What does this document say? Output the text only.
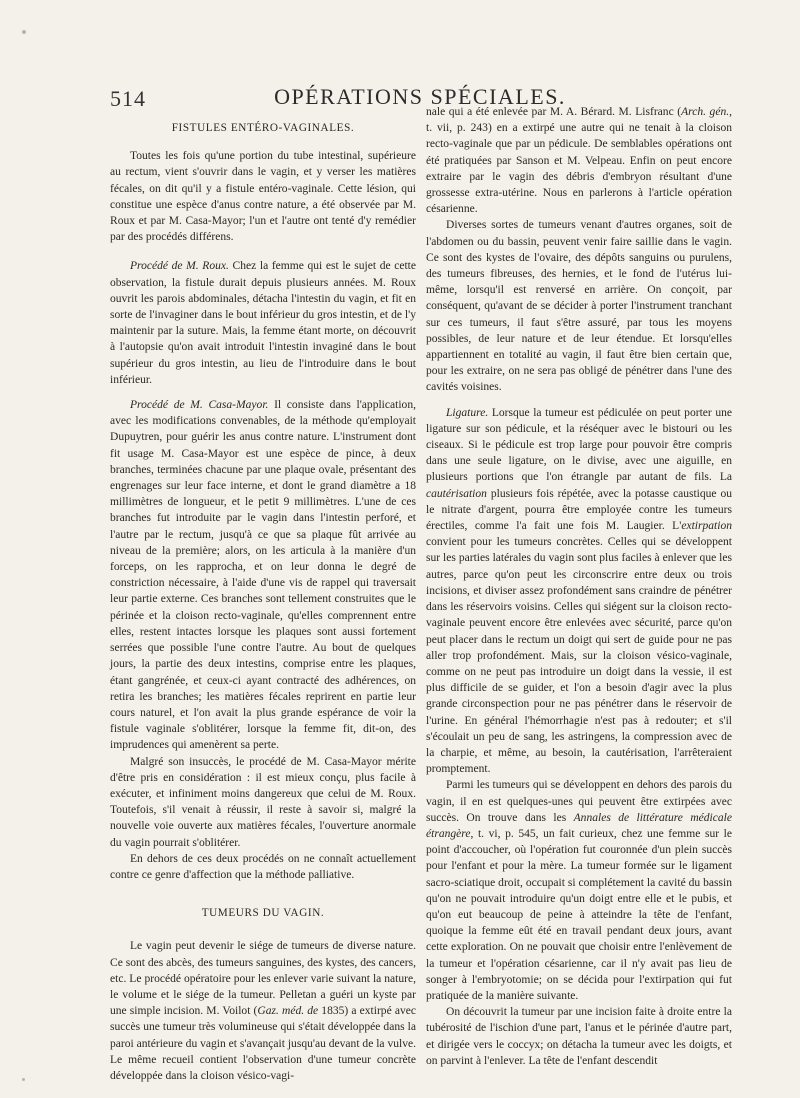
514	OPÉRATIONS SPÉCIALES.
FISTULES ENTÉRO-VAGINALES.

Toutes les fois qu'une portion du tube intestinal, supérieure au rectum, vient s'ouvrir dans le vagin, et y verser les matières fécales, on dit qu'il y a fistule entéro-vaginale. Cette lésion, qui constitue une espèce d'anus contre nature, a été observée par M. Roux et par M. Casa-Mayor; l'un et l'autre ont tenté d'y remédier par des procédés différens.

Procédé de M. Roux. Chez la femme qui est le sujet de cette observation, la fistule durait depuis plusieurs années. M. Roux ouvrit les parois abdominales, détacha l'intestin du vagin, et fit en sorte de l'invaginer dans le bout inférieur du gros intestin, et de l'y maintenir par la suture. Mais, la femme étant morte, on découvrit à l'autopsie qu'on avait introduit l'intestin invaginé dans le bout supérieur du gros intestin, au lieu de l'introduire dans le bout inférieur.

Procédé de M. Casa-Mayor. Il consiste dans l'application, avec les modifications convenables, de la méthode qu'employait Dupuytren, pour guérir les anus contre nature. L'instrument dont fit usage M. Casa-Mayor est une espèce de pince, à deux branches, terminées chacune par une plaque ovale, présentant des engrenages sur leur face interne, et dont le grand diamètre a 18 millimètres de longueur, et le petit 9 millimètres. L'une de ces branches fut introduite par le vagin dans l'intestin perforé, et l'autre par le rectum, jusqu'à ce que sa plaque fût arrivée au niveau de la première; alors, on les articula à la manière d'un forceps, on les rapprocha, et on leur donna le degré de constriction nécessaire, à l'aide d'une vis de rappel qui traversait leur partie externe. Ces branches sont tellement construites que le périnée et la cloison recto-vaginale, qu'elles comprennent entre elles, restent intactes lorsque les plaques sont aussi fortement serrées que possible l'une contre l'autre. Au bout de quelques jours, la partie des deux intestins, comprise entre les plaques, étant gangrénée, et ceux-ci ayant contracté des adhérences, on retira les branches; les matières fécales reprirent en partie leur cours naturel, et l'on avait la plus grande espérance de voir la fistule vaginale s'oblitérer, lorsque la femme fit, dit-on, des imprudences qui amenèrent sa perte.

Malgré son insuccès, le procédé de M. Casa-Mayor mérite d'être pris en considération : il est mieux conçu, plus facile à exécuter, et infiniment moins dangereux que celui de M. Roux. Toutefois, s'il venait à réussir, il reste à savoir si, malgré la nouvelle voie ouverte aux matières fécales, l'ouverture anormale du vagin pourrait s'oblitérer.

En dehors de ces deux procédés on ne connaît actuellement contre ce genre d'affection que la méthode palliative.

TUMEURS DU VAGIN.

Le vagin peut devenir le siége de tumeurs de diverse nature. Ce sont des abcès, des tumeurs sanguines, des kystes, des cancers, etc. Le procédé opératoire pour les enlever varie suivant la nature, le volume et le siége de la tumeur. Pelletan a guéri un kyste par une simple incision. M. Voilot (Gaz. méd. de 1835) a extirpé avec succès une tumeur très volumineuse qui s'était développée dans la paroi antérieure du vagin et s'avançait jusqu'au devant de la vulve. Le même recueil contient l'observation d'une tumeur concrète développée dans la cloison vésico-vagi-

nale qui a été enlevée par M. A. Bérard. M. Lisfranc (Arch. gén., t. vii, p. 243) en a extirpé une autre qui ne tenait à la cloison recto-vaginale que par un pédicule. De semblables opérations ont été pratiquées par Sanson et M. Velpeau. Enfin on peut encore extraire par le vagin des débris d'embryon résultant d'une grossesse extra-utérine. Nous en parlerons à l'article opération césarienne.

Diverses sortes de tumeurs venant d'autres organes, soit de l'abdomen ou du bassin, peuvent venir faire saillie dans le vagin. Ce sont des kystes de l'ovaire, des dépôts sanguins ou purulens, des tumeurs fibreuses, des hernies, et le fond de l'utérus lui-même, lorsqu'il est renversé en arrière. On conçoit, par conséquent, qu'avant de se décider à porter l'instrument tranchant sur ces tumeurs, il faut s'être assuré, par tous les moyens possibles, de leur nature et de leur étendue. Et lorsqu'elles appartiennent en totalité au vagin, il faut être bien certain que, pour les extraire, on ne sera pas obligé de pénétrer dans l'une des cavités voisines.

Ligature. Lorsque la tumeur est pédiculée on peut porter une ligature sur son pédicule, et la réséquer avec le bistouri ou les ciseaux. Si le pédicule est trop large pour pouvoir être compris dans une seule ligature, on le divise, avec une aiguille, en plusieurs portions que l'on étrangle par autant de fils. La cautérisation plusieurs fois répétée, avec la potasse caustique ou le nitrate d'argent, pourra être employée contre les tumeurs érectiles, comme l'a fait une fois M. Laugier. L'extirpation convient pour les tumeurs concrètes. Celles qui se développent sur les parties latérales du vagin sont plus faciles à enlever que les autres, parce qu'on peut les circonscrire entre deux ou trois incisions, et diviser assez profondément sans craindre de pénétrer dans les réservoirs voisins. Celles qui siégent sur la cloison recto-vaginale peuvent encore être enlevées avec sécurité, parce qu'on peut placer dans le rectum un doigt qui sert de guide pour ne pas aller trop profondément. Mais, sur la cloison vésico-vaginale, comme on ne peut pas introduire un doigt dans la vessie, il est plus difficile de se guider, et l'on a besoin d'agir avec la plus grande circonspection pour ne pas pénétrer dans le réservoir de l'urine. En général l'hémorrhagie n'est pas à redouter; et s'il s'écoulait un peu de sang, les astringens, la compression avec de la charpie, et même, au besoin, la cautérisation, l'arrêteraient promptement.

Parmi les tumeurs qui se développent en dehors des parois du vagin, il en est quelques-unes qui peuvent être extirpées avec succès. On trouve dans les Annales de littérature médicale étrangère, t. vi, p. 545, un fait curieux, chez une femme sur le point d'accoucher, où l'opération fut couronnée d'un plein succès pour l'enfant et pour la mère. La tumeur formée sur le ligament sacro-sciatique droit, occupait si complétement la cavité du bassin qu'on ne pouvait introduire qu'un doigt entre elle et le pubis, et qu'on eut beaucoup de peine à atteindre la tête de l'enfant, quoique la femme eût été en travail pendant deux jours, avant cette exploration. On ne pouvait que choisir entre l'enlèvement de la tumeur et l'opération césarienne, car il n'y avait pas lieu de songer à l'embryotomie; on se décida pour l'extirpation qui fut pratiquée de la manière suivante.

On découvrit la tumeur par une incision faite à droite entre la tubérosité de l'ischion d'une part, l'anus et le périnée d'autre part, et dirigée vers le coccyx; on détacha la tumeur avec les doigts, et on parvint à l'enlever. La tête de l'enfant descendit
